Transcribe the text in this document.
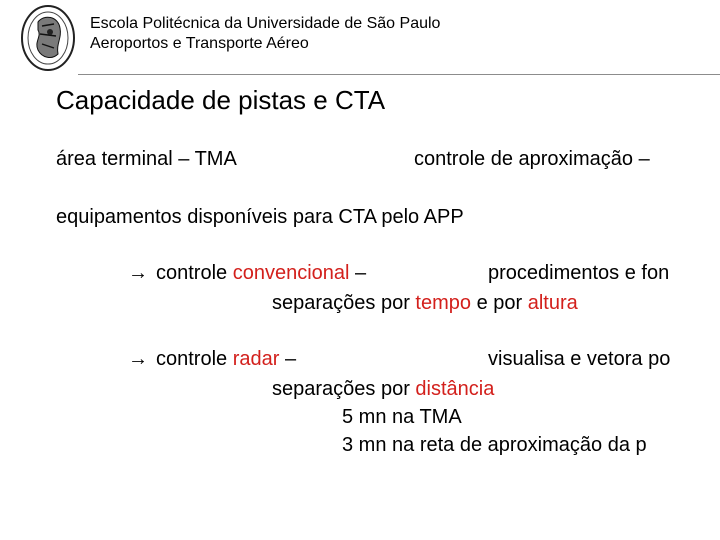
Escola Politécnica da Universidade de São Paulo
Aeroportos e Transporte Aéreo
Capacidade de pistas e CTA
área terminal – TMA	controle de aproximação –
equipamentos disponíveis para CTA pelo APP
→ controle convencional –	procedimentos e fon
separações por tempo e por altura
→ controle radar –	visualisa e vetora po
separações por distância
5 mn na TMA
3 mn na reta de aproximação da p
